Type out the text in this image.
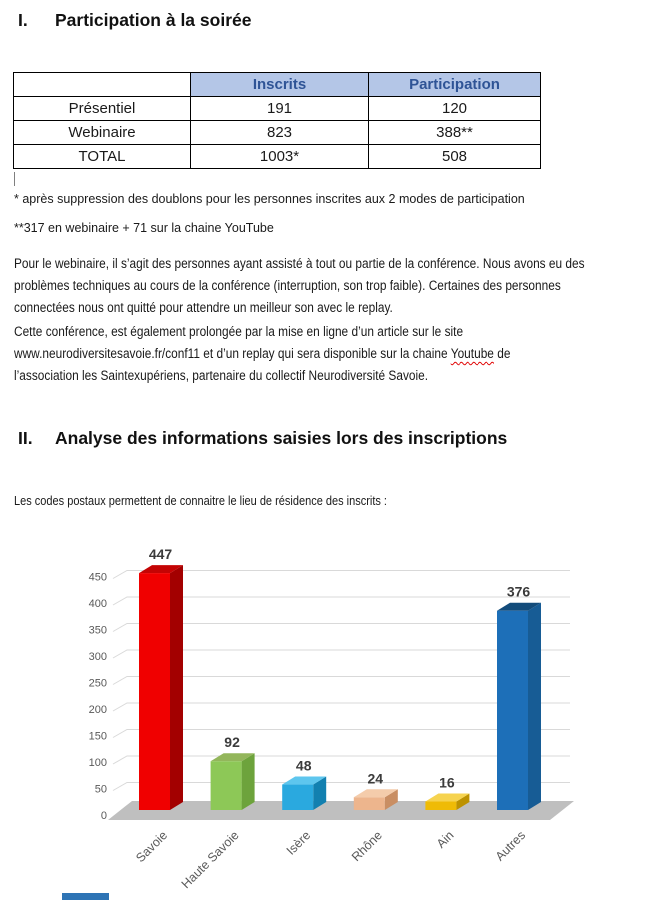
I.	Participation à la soirée
	Inscrits	Participation
Présentiel	191	120
Webinaire	823	388**
TOTAL	1003*	508
* après suppression des doublons pour les personnes inscrites aux 2 modes de participation
**317 en webinaire + 71 sur la chaine YouTube
Pour le webinaire, il s’agit des personnes ayant assisté à tout ou partie de la conférence. Nous avons eu des
problèmes techniques au cours de la conférence (interruption, son trop faible). Certaines des personnes
connectées nous ont quitté pour attendre un meilleur son avec le replay.
Cette conférence, est également prolongée par la mise en ligne d’un article sur le site
www.neurodiversitesavoie.fr/conf11 et d’un replay qui sera disponible sur la chaine Youtube de
l’association les Saintexupériens, partenaire du collectif Neurodiversité Savoie.
II.	Analyse des informations saisies lors des inscriptions
Les codes postaux permettent de connaitre le lieu de résidence des inscrits :
0
50
100
150
200
250
300
350
400
450
447
Savoie
92
Haute Savoie
48
Isère
24
Rhône
16
Ain
376
Autres
